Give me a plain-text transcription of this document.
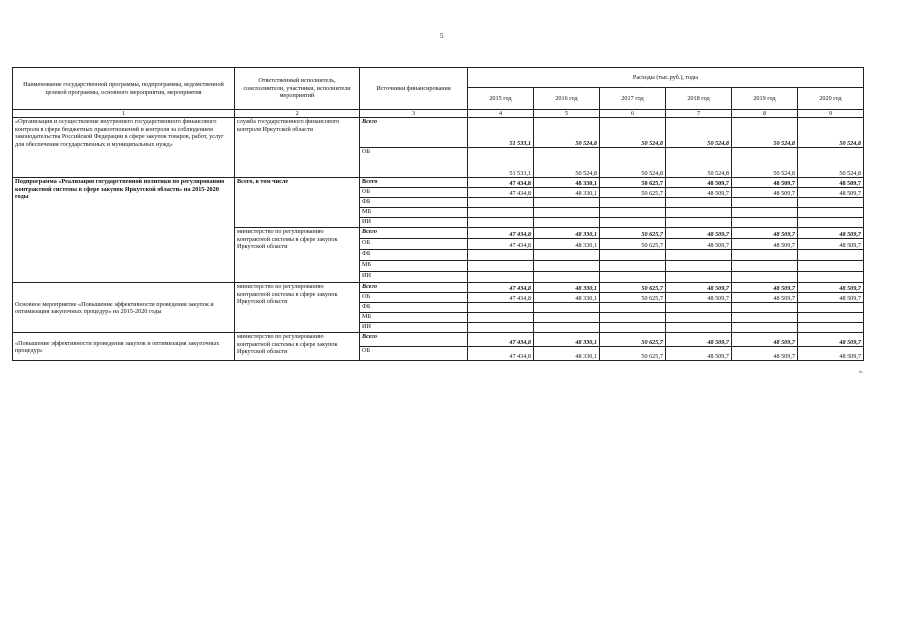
5
Наименование государственной программы, подпрограммы, ведомственной целевой программы, основного мероприятия, мероприятия	Ответственный исполнитель, соисполнители, участники, исполнители мероприятий	Источники финансирования	Расходы (тыс.руб.), годы					
			2015 год	2016 год	2017 год	2018 год	2019 год	2020 год
1	2	3	4	5	6	7	8	9
«Организация и осуществление внутреннего государственного финансового контроля в сфере бюджетных правоотношений и контроля за соблюдением законодательства Российской Федерации в сфере закупок товаров, работ, услуг для обеспечения государственных и муниципальных нужд»	служба государственного финансового контроля Иркутской области	Всего	51 533,1	50 524,8	50 524,8	50 524,8	50 524,8	50 524,8
		ОБ	51 533,1	50 524,8	50 524,8	50 524,8	50 524,8	50 524,8
Подпрограмма «Реализация государственной политики по регулированию контрактной системы в сфере закупок Иркутской области» на 2015-2020 годы	Всего, в том числе	Всего	47 434,8	48 330,1	50 625,7	48 509,7	48 509,7	48 509,7
		ОБ	47 434,8	48 330,1	50 625,7	48 509,7	48 509,7	48 509,7
		ФБ						
		МБ						
		ИИ						
	министерство по регулированию контрактной системы в сфере закупок Иркутской области	Всего	47 434,8	48 330,1	50 625,7	48 509,7	48 509,7	48 509,7
		ОБ	47 434,8	48 330,1	50 625,7	48 509,7	48 509,7	48 509,7
		ФБ						
		МБ						
		ИИ						
Основное мероприятие «Повышение эффективности проведения закупок и оптимизация закупочных процедур» на 2015-2020 годы	министерство по регулированию контрактной системы в сфере закупок Иркутской области	Всего	47 434,8	48 330,1	50 625,7	48 509,7	48 509,7	48 509,7
		ОБ	47 434,8	48 330,1	50 625,7	48 509,7	48 509,7	48 509,7
		ФБ						
		МБ						
		ИИ						
«Повышение эффективности проведения закупок и оптимизация закупочных процедур»	министерство по регулированию контрактной системы в сфере закупок Иркутской области	Всего	47 434,8	48 330,1	50 625,7	48 509,7	48 509,7	48 509,7
		ОБ	47 434,8	48 330,1	50 625,7	48 509,7	48 509,7	48 509,7
».
